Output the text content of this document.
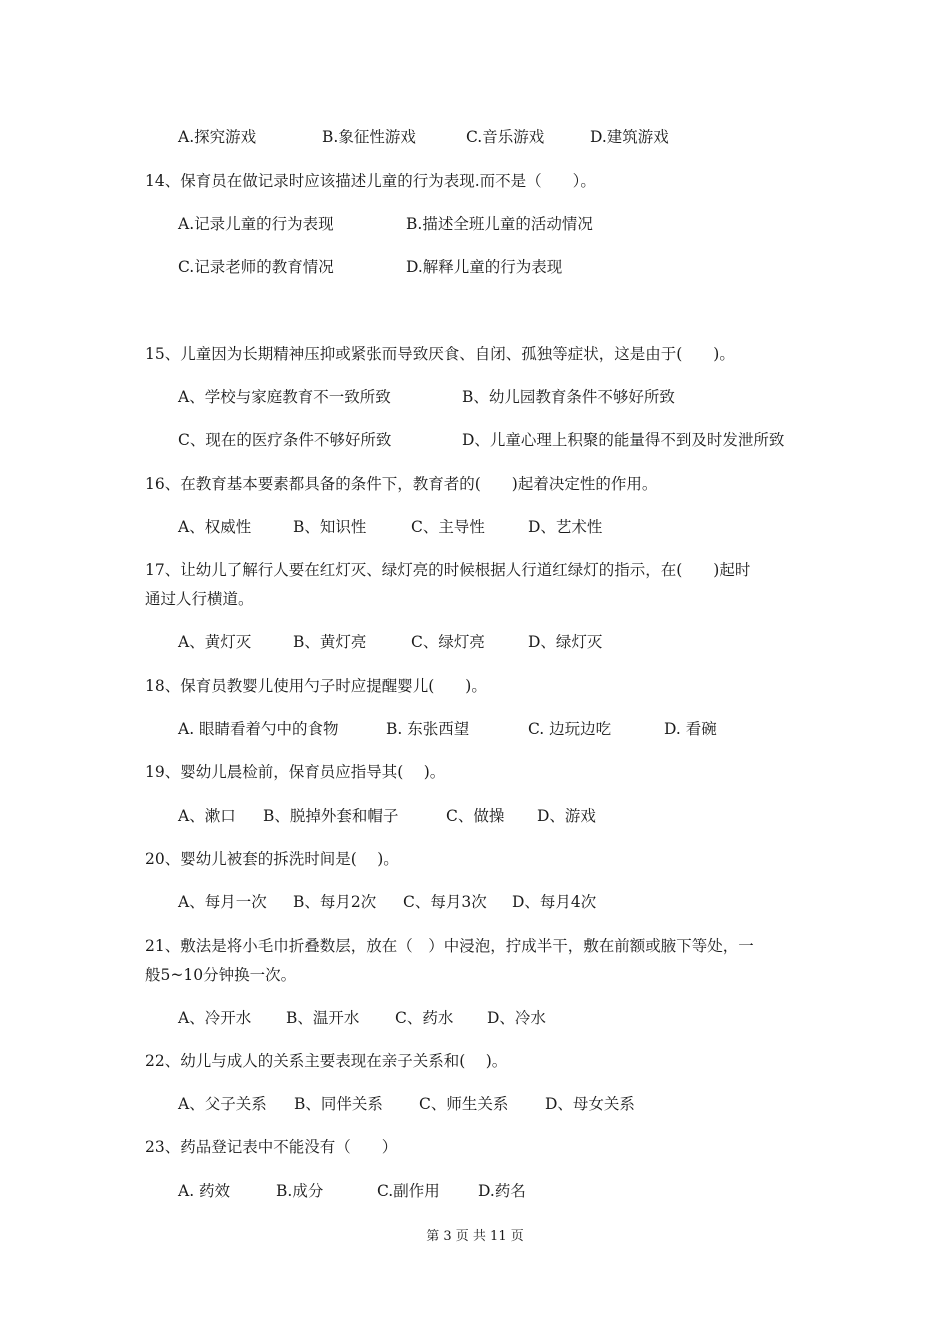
A.探究游戏	B.象征性游戏	C.音乐游戏	D.建筑游戏
14、保育员在做记录时应该描述儿童的行为表现.而不是（　　）。
A.记录儿童的行为表现	B.描述全班儿童的活动情况
C.记录老师的教育情况	D.解释儿童的行为表现
15、儿童因为长期精神压抑或紧张而导致厌食、自闭、孤独等症状，这是由于(　　)。
A、学校与家庭教育不一致所致	B、幼儿园教育条件不够好所致
C、现在的医疗条件不够好所致	D、儿童心理上积聚的能量得不到及时发泄所致
16、在教育基本要素都具备的条件下，教育者的(　　)起着决定性的作用。
A、权威性	B、知识性	C、主导性	D、艺术性
17、让幼儿了解行人要在红灯灭、绿灯亮的时候根据人行道红绿灯的指示，在(　　)起时
通过人行横道。
A、黄灯灭	B、黄灯亮	C、绿灯亮	D、绿灯灭
18、保育员教婴儿使用勺子时应提醒婴儿(　　)。
A. 眼睛看着勺中的食物	B. 东张西望	C. 边玩边吃	D. 看碗
19、婴幼儿晨检前，保育员应指导其(　 )。
A、漱口 B、脱掉外套和帽子	C、做操 D、游戏
20、婴幼儿被套的拆洗时间是(　 )。
A、每月一次 B、每月2次 C、每月3次 D、每月4次
21、敷法是将小毛巾折叠数层，放在（　）中浸泡，拧成半干，敷在前额或腋下等处，一
般5~10分钟换一次。
A、冷开水 B、温开水 C、药水 D、冷水
22、幼儿与成人的关系主要表现在亲子关系和(　 )。
A、父子关系 B、同伴关系 C、师生关系 D、母女关系
23、药品登记表中不能没有（　　）
A. 药效	B.成分	C.副作用 D.药名
第 3 页 共 11 页
